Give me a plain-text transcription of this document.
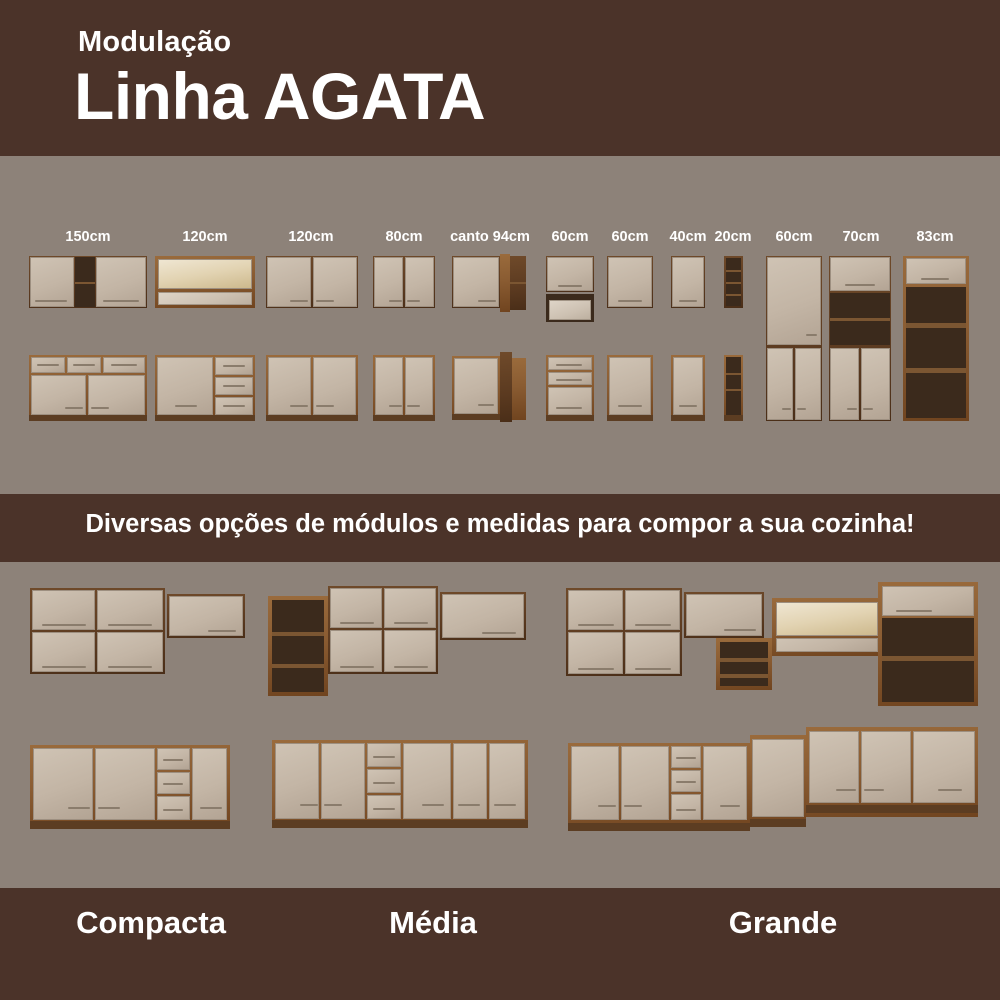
Modulação
Linha AGATA
150cm	120cm	120cm	80cm canto 94cm 60cm 60cm 40cm 20cm 60cm 70cm	83cm
Diversas opções de módulos e medidas para compor a sua cozinha!
Compacta	Média	Grande
